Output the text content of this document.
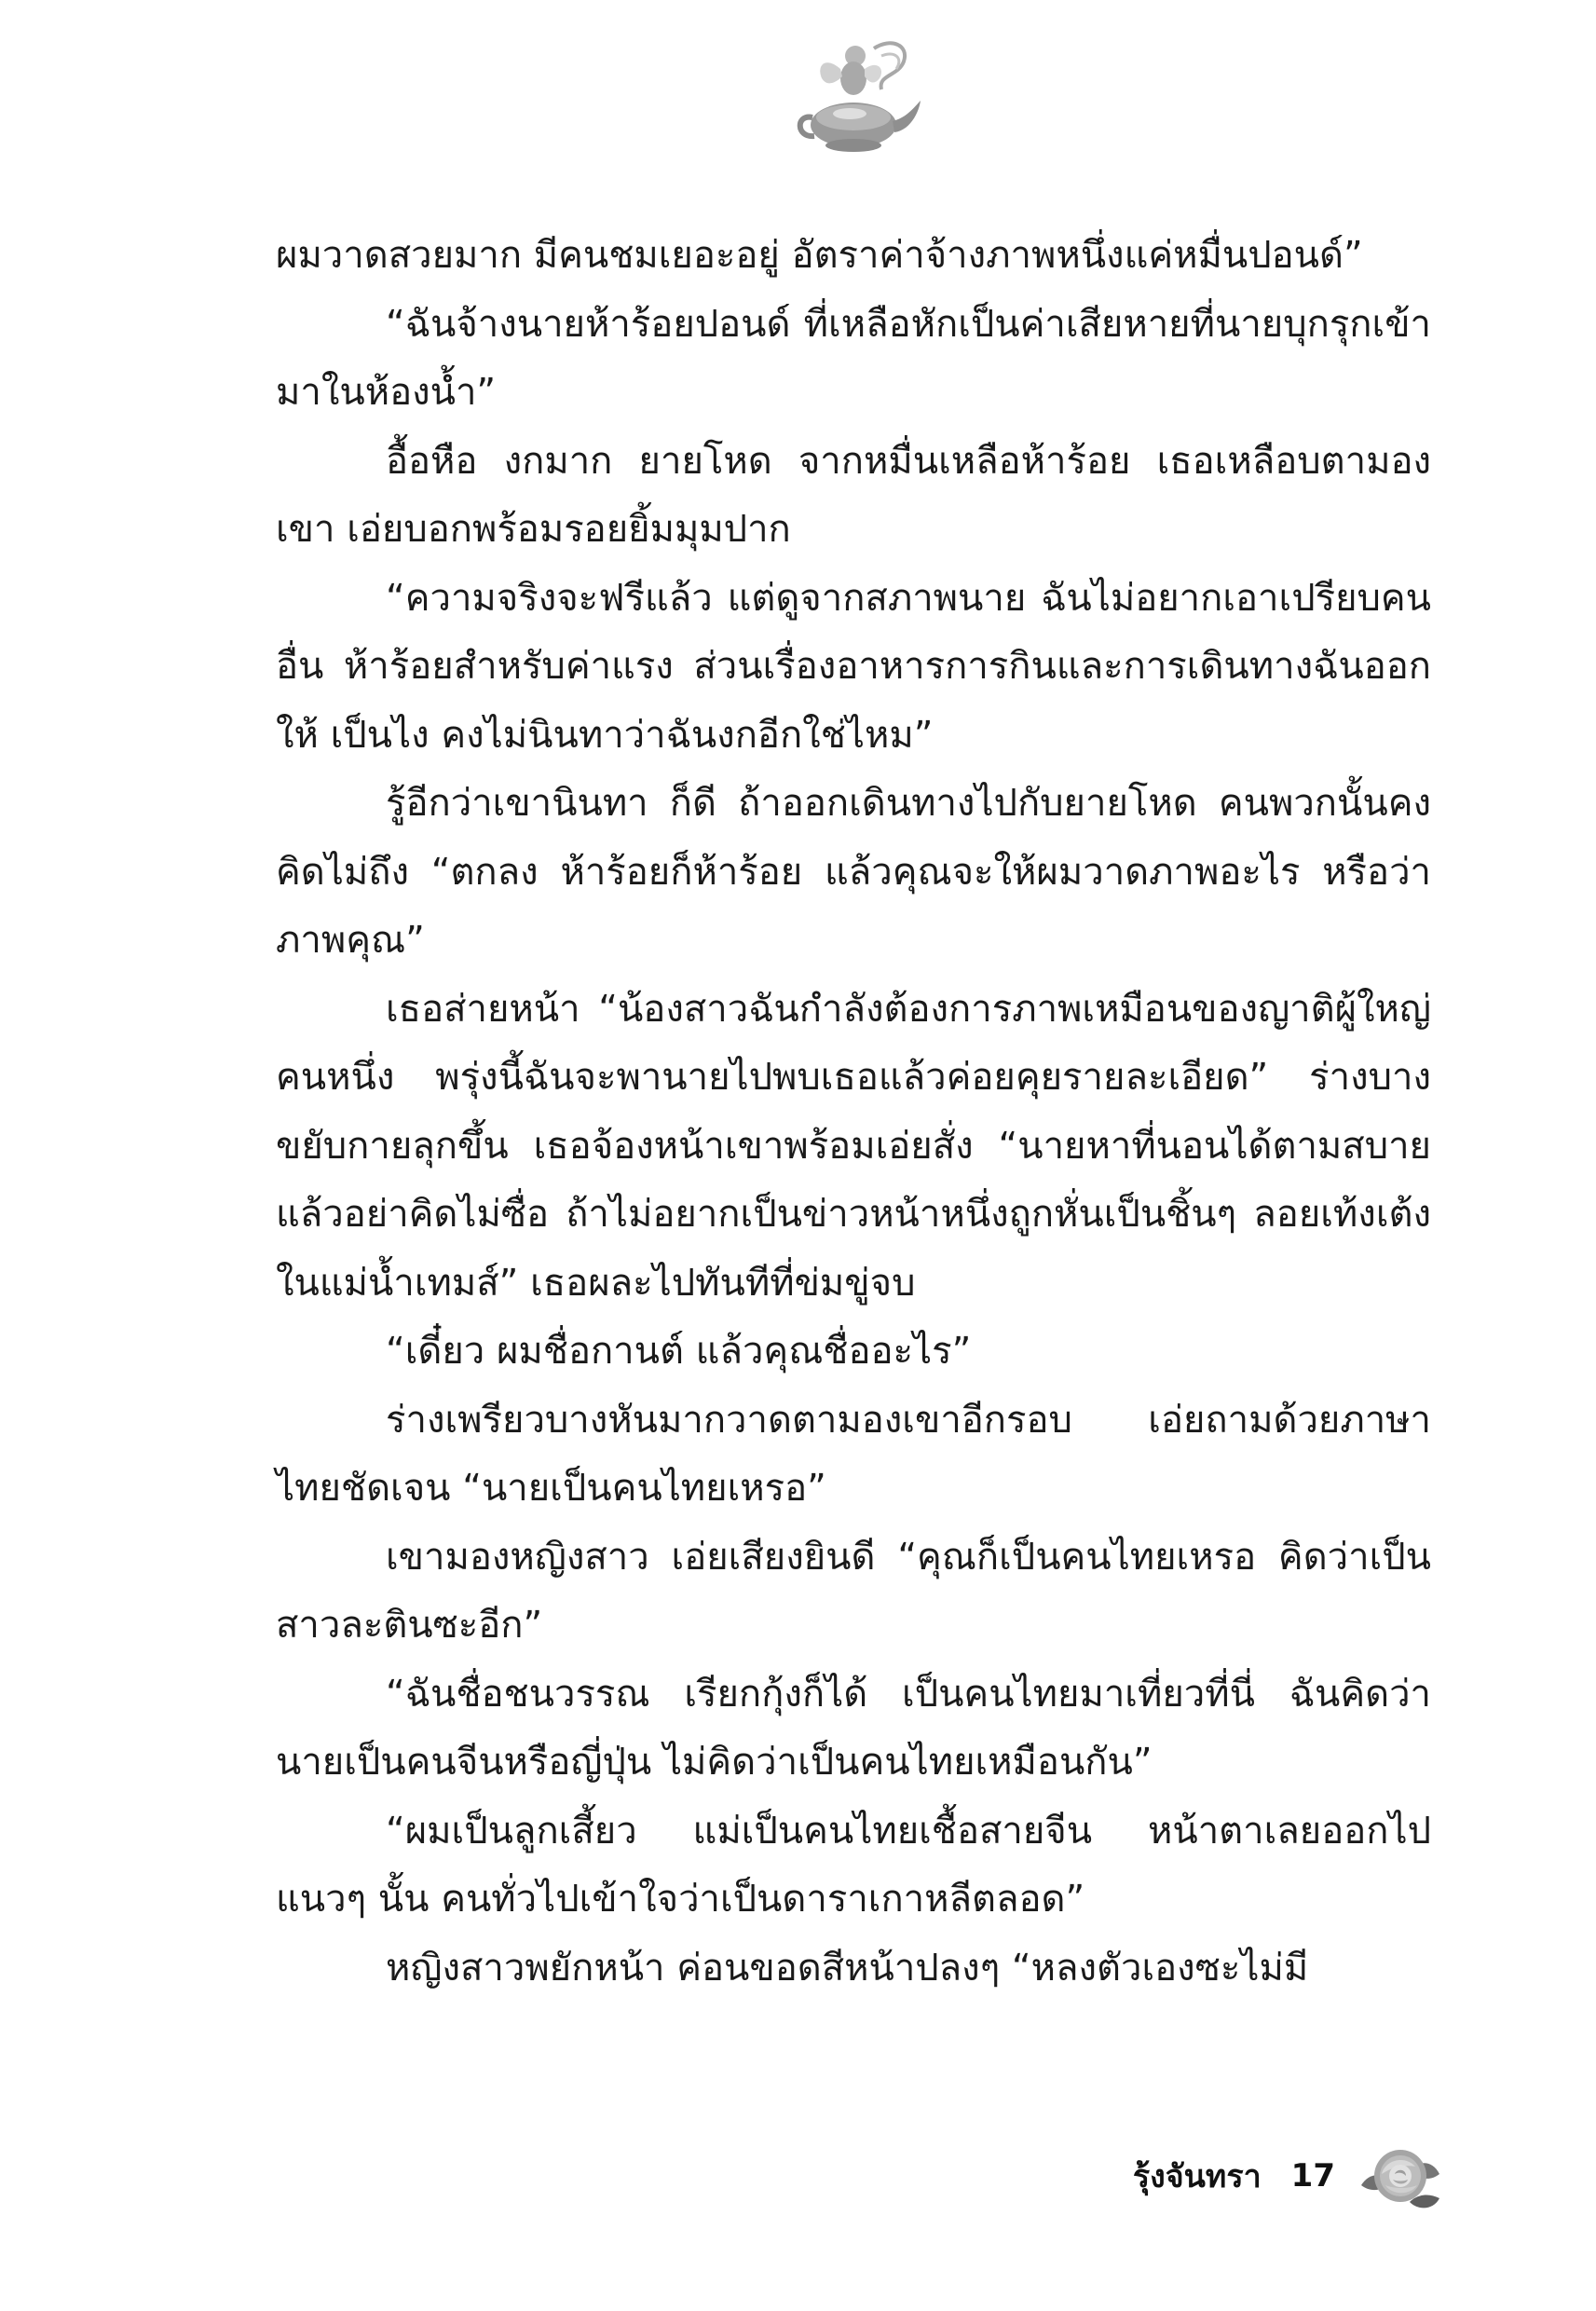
ผมวาดสวยมาก มีคนชมเยอะอยู่ อัตราค่าจ้างภาพหนึ่งแค่หมื่นปอนด์”

“ฉันจ้างนายห้าร้อยปอนด์ ที่เหลือหักเป็นค่าเสียหายที่นายบุกรุกเข้ามาในห้องน้ำ”

อื้อหือ งกมาก ยายโหด จากหมื่นเหลือห้าร้อย เธอเหลือบตามองเขา เอ่ยบอกพร้อมรอยยิ้มมุมปาก

“ความจริงจะฟรีแล้ว แต่ดูจากสภาพนาย ฉันไม่อยากเอาเปรียบคนอื่น ห้าร้อยสำหรับค่าแรง ส่วนเรื่องอาหารการกินและการเดินทางฉันออกให้ เป็นไง คงไม่นินทาว่าฉันงกอีกใช่ไหม”

รู้อีกว่าเขานินทา ก็ดี ถ้าออกเดินทางไปกับยายโหด คนพวกนั้นคงคิดไม่ถึง “ตกลง ห้าร้อยก็ห้าร้อย แล้วคุณจะให้ผมวาดภาพอะไร หรือว่าภาพคุณ”

เธอส่ายหน้า “น้องสาวฉันกำลังต้องการภาพเหมือนของญาติผู้ใหญ่คนหนึ่ง พรุ่งนี้ฉันจะพานายไปพบเธอแล้วค่อยคุยรายละเอียด” ร่างบางขยับกายลุกขึ้น เธอจ้องหน้าเขาพร้อมเอ่ยสั่ง “นายหาที่นอนได้ตามสบาย แล้วอย่าคิดไม่ซื่อ ถ้าไม่อยากเป็นข่าวหน้าหนึ่งถูกหั่นเป็นชิ้นๆ ลอยเท้งเต้งในแม่น้ำเทมส์” เธอผละไปทันทีที่ข่มขู่จบ

“เดี๋ยว ผมชื่อกานต์ แล้วคุณชื่ออะไร”

ร่างเพรียวบางหันมากวาดตามองเขาอีกรอบ เอ่ยถามด้วยภาษาไทยชัดเจน “นายเป็นคนไทยเหรอ”

เขามองหญิงสาว เอ่ยเสียงยินดี “คุณก็เป็นคนไทยเหรอ คิดว่าเป็นสาวละตินซะอีก”

“ฉันชื่อชนวรรณ เรียกกุ้งก็ได้ เป็นคนไทยมาเที่ยวที่นี่ ฉันคิดว่านายเป็นคนจีนหรือญี่ปุ่น ไม่คิดว่าเป็นคนไทยเหมือนกัน”

“ผมเป็นลูกเสี้ยว แม่เป็นคนไทยเชื้อสายจีน หน้าตาเลยออกไปแนวๆ นั้น คนทั่วไปเข้าใจว่าเป็นดาราเกาหลีตลอด”

หญิงสาวพยักหน้า ค่อนขอดสีหน้าปลงๆ “หลงตัวเองซะไม่มี

รุ้งจันทรา 17
